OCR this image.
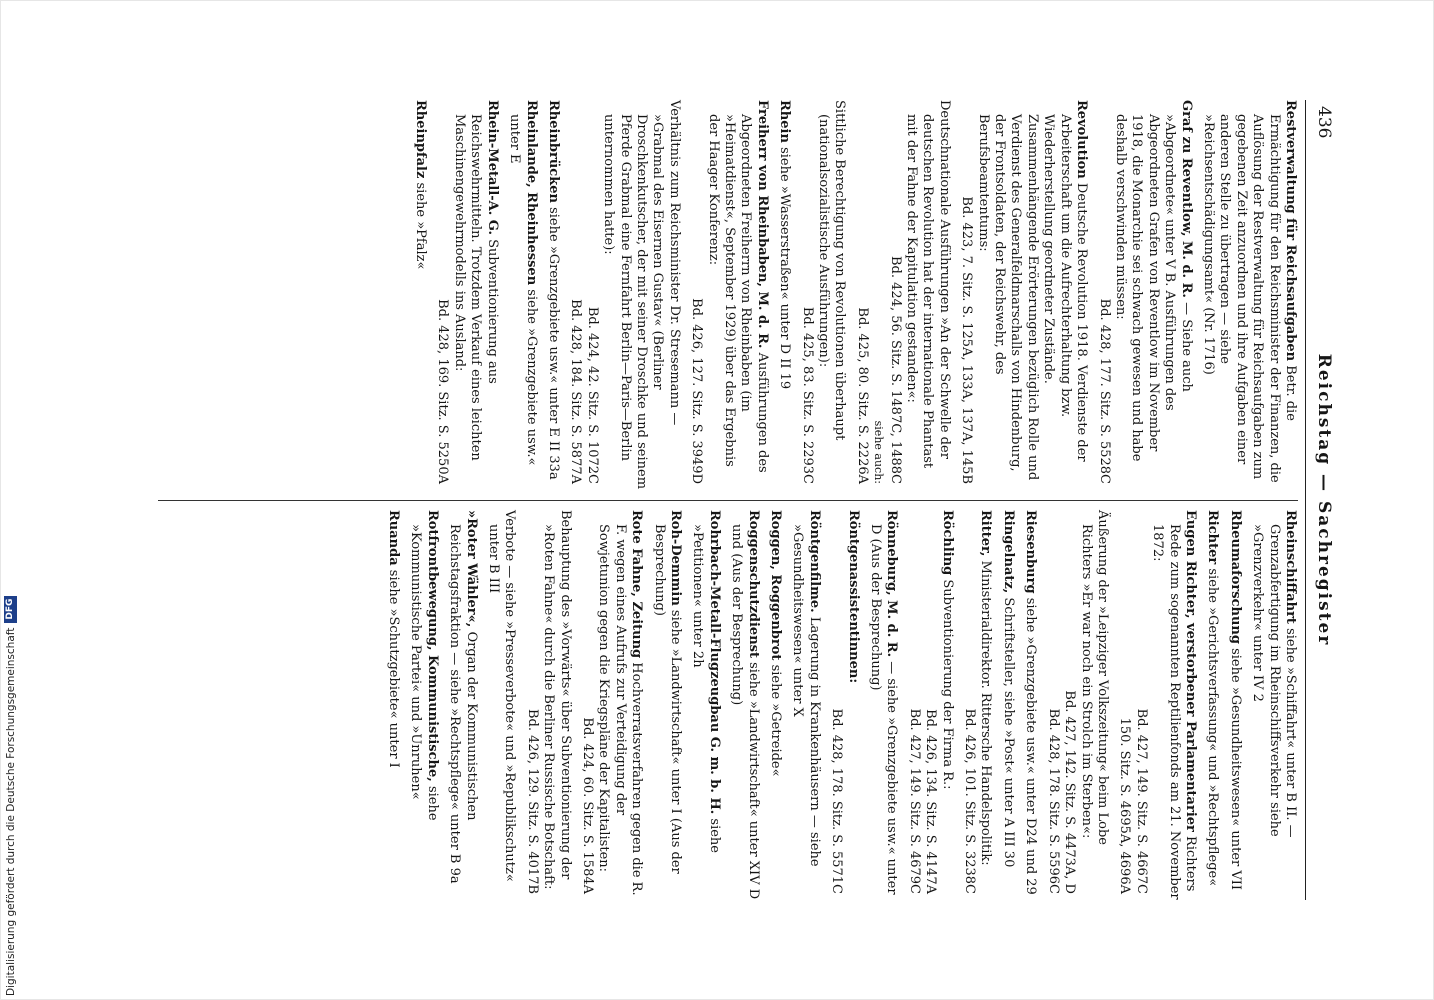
436
Reichstag — Sachregister
Restverwaltung für Reichsaufgaben Betr. die Ermächtigung für den Reichsminister der Finanzen, die Auflösung der Restverwaltung für Reichsaufgaben zum gegebenen Zeit anzuordnen und ihre Aufgaben einer anderen Stelle zu übertragen — siehe »Reichsentschädigungsamt« (Nr. 1716)
Graf zu Reventlow, M. d. R. — Siehe auch »Abgeordnete« unter V B. Ausführungen des Abgeordneten Grafen von Reventlow im November 1918, die Monarchie sei schwach gewesen und habe deshalb verschwinden müssen:
Bd. 428, 177. Sitz. S. 5528C
Revolution Deutsche Revolution 1918. Verdienste der Arbeiterschaft um die Aufrechterhaltung bzw. Wiederherstellung geordneter Zustände. Zusammenhängende Erörterungen bezüglich Rolle und Verdienst des Generalfeldmarschalls von Hindenburg, der Frontsoldaten, der Reichswehr, des Berufsbeamtentums:
Bd. 423, 7. Sitz. S. 125A, 133A, 137A, 145B
Deutschnationale Ausführungen »An der Schwelle der deutschen Revolution hat der internationale Phantast mit der Fahne der Kapitulation gestanden«:
Bd. 424, 56. Sitz. S. 1487C, 1488C
siehe auch:
Bd. 425, 80. Sitz. S. 2226A
Sittliche Berechtigung von Revolutionen überhaupt (nationalsozialistische Ausführungen):
Bd. 425, 83. Sitz. S. 2293C
Rhein siehe »Wasserstraßen« unter D II 19
Freiherr von Rheinbaben, M. d. R. Ausführungen des Abgeordneten Freiherrn von Rheinbaben (im »Heimatdienst«, September 1929) über das Ergebnis der Haager Konferenz:
Bd. 426, 127. Sitz. S. 3949D
Verhältnis zum Reichsminister Dr. Stresemann — »Grabmal des Eisernen Gustav« (Berliner Droschkenkutscher, der mit seiner Droschke und seinem Pferde Grabmal eine Fernfahrt Berlin—Paris—Berlin unternommen hatte):
Bd. 424, 42. Sitz. S. 1072C
Bd. 428, 184. Sitz. S. 5877A
Rheinbrücken siehe »Grenzgebiete usw.« unter E II 33a
Rheinlande, Rheinhessen siehe »Grenzgebiete usw.« unter E
Rhein-Metall-A. G. Subventionierung aus Reichswehrmitteln. Trotzdem Verkauf eines leichten Maschinengewehrmodells ins Ausland:
Bd. 428, 169. Sitz. S. 5250A
Rheinpfalz siehe »Pfalz«
Rheinschiffahrt siehe »Schiffahrt« unter B II. — Grenzabfertigung im Rheinschiffsverkehr siehe »Grenzverkehr« unter IV 2
Rheumaforschung siehe »Gesundheitswesen« unter VII
Richter siehe »Gerichtsverfassung« und »Rechtspflege«
Eugen Richter, verstorbener Parlamentarier Richters Rede zum sogenannten Reptilienfonds am 21. November 1872:
Bd. 427, 149. Sitz. S. 4667C
150. Sitz. S. 4695A, 4696A
Äußerung der »Leipziger Volkszeitung« beim Lobe Richters »Er war noch ein Strolch im Sterben«:
Bd. 427, 142. Sitz. S. 4473A, D
Bd. 428, 178. Sitz. S. 5596C
Riesenburg siehe »Grenzgebiete usw.« unter D24 und 29
Ringelnatz, Schriftsteller, siehe »Post« unter A III 30
Ritter, Ministerialdirektor. Rittersche Handelspolitik:
Bd. 426, 101. Sitz. S. 3238C
Röchling Subventionierung der Firma R.:
Bd. 426, 134. Sitz. S. 4147A
Bd. 427, 149. Sitz. S. 4679C
Rönneburg, M. d. R. — siehe »Grenzgebiete usw.« unter D (Aus der Besprechung)
Röntgenassistentinnen:
Bd. 428, 178. Sitz. S. 5571C
Röntgenfilme. Lagerung in Krankenhäusern — siehe »Gesundheitswesen« unter X
Roggen, Roggenbrot siehe »Getreide«
Roggenschutzdienst siehe »Landwirtschaft« unter XIV D und (Aus der Besprechung)
Rohrbach-Metall-Flugzeugbau G. m. b. H. siehe »Petitionen« unter 2h
Roh-Demmin siehe »Landwirtschaft« unter I (Aus der Besprechung)
Rote Fahne, Zeitung Hochverratsverfahren gegen die R. F. wegen eines Aufrufs zur Verteidigung der Sowjetunion gegen die Kriegspläne der Kapitalisten:
Bd. 424, 60. Sitz. S. 1584A
Behauptung des »Vorwärts« über Subventionierung der »Roten Fahne« durch die Berliner Russische Botschaft:
Bd. 426, 129. Sitz. S. 4017B
Verbote — siehe »Presseverbote« und »Republikschutz« unter B III
»Roter Wähler«, Organ der Kommunistischen Reichstagsfraktion — siehe »Rechtspflege« unter B 9a
Rotfrontbewegung, Kommunistische, siehe »Kommunistische Partei« und »Unruhen«
Ruanda siehe »Schutzgebiete« unter I
Digitalisierung gefördert durch die Deutsche Forschungsgemeinschaft
DFG
